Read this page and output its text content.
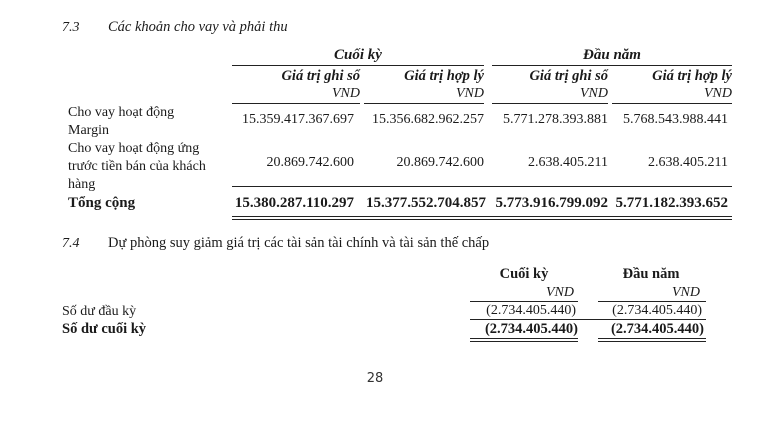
7.3 Các khoản cho vay và phải thu
Cuối kỳ	Đầu năm
Giá trị ghi sổ	Giá trị hợp lý	Giá trị ghi sổ	Giá trị hợp lý
VND	VND	VND	VND
Cho vay hoạt động Margin
15.359.417.367.697	15.356.682.962.257	5.771.278.393.881	5.768.543.988.441
Cho vay hoạt động ứng trước tiền bán của khách hàng
20.869.742.600	20.869.742.600	2.638.405.211	2.638.405.211
Tổng cộng	15.380.287.110.297 15.377.552.704.857 5.773.916.799.092 5.771.182.393.652
7.4 Dự phòng suy giảm giá trị các tài sản tài chính và tài sản thế chấp
Cuối kỳ	Đầu năm
VND	VND
Số dư đầu kỳ	(2.734.405.440)	(2.734.405.440)
Số dư cuối kỳ	(2.734.405.440)	(2.734.405.440)
28
